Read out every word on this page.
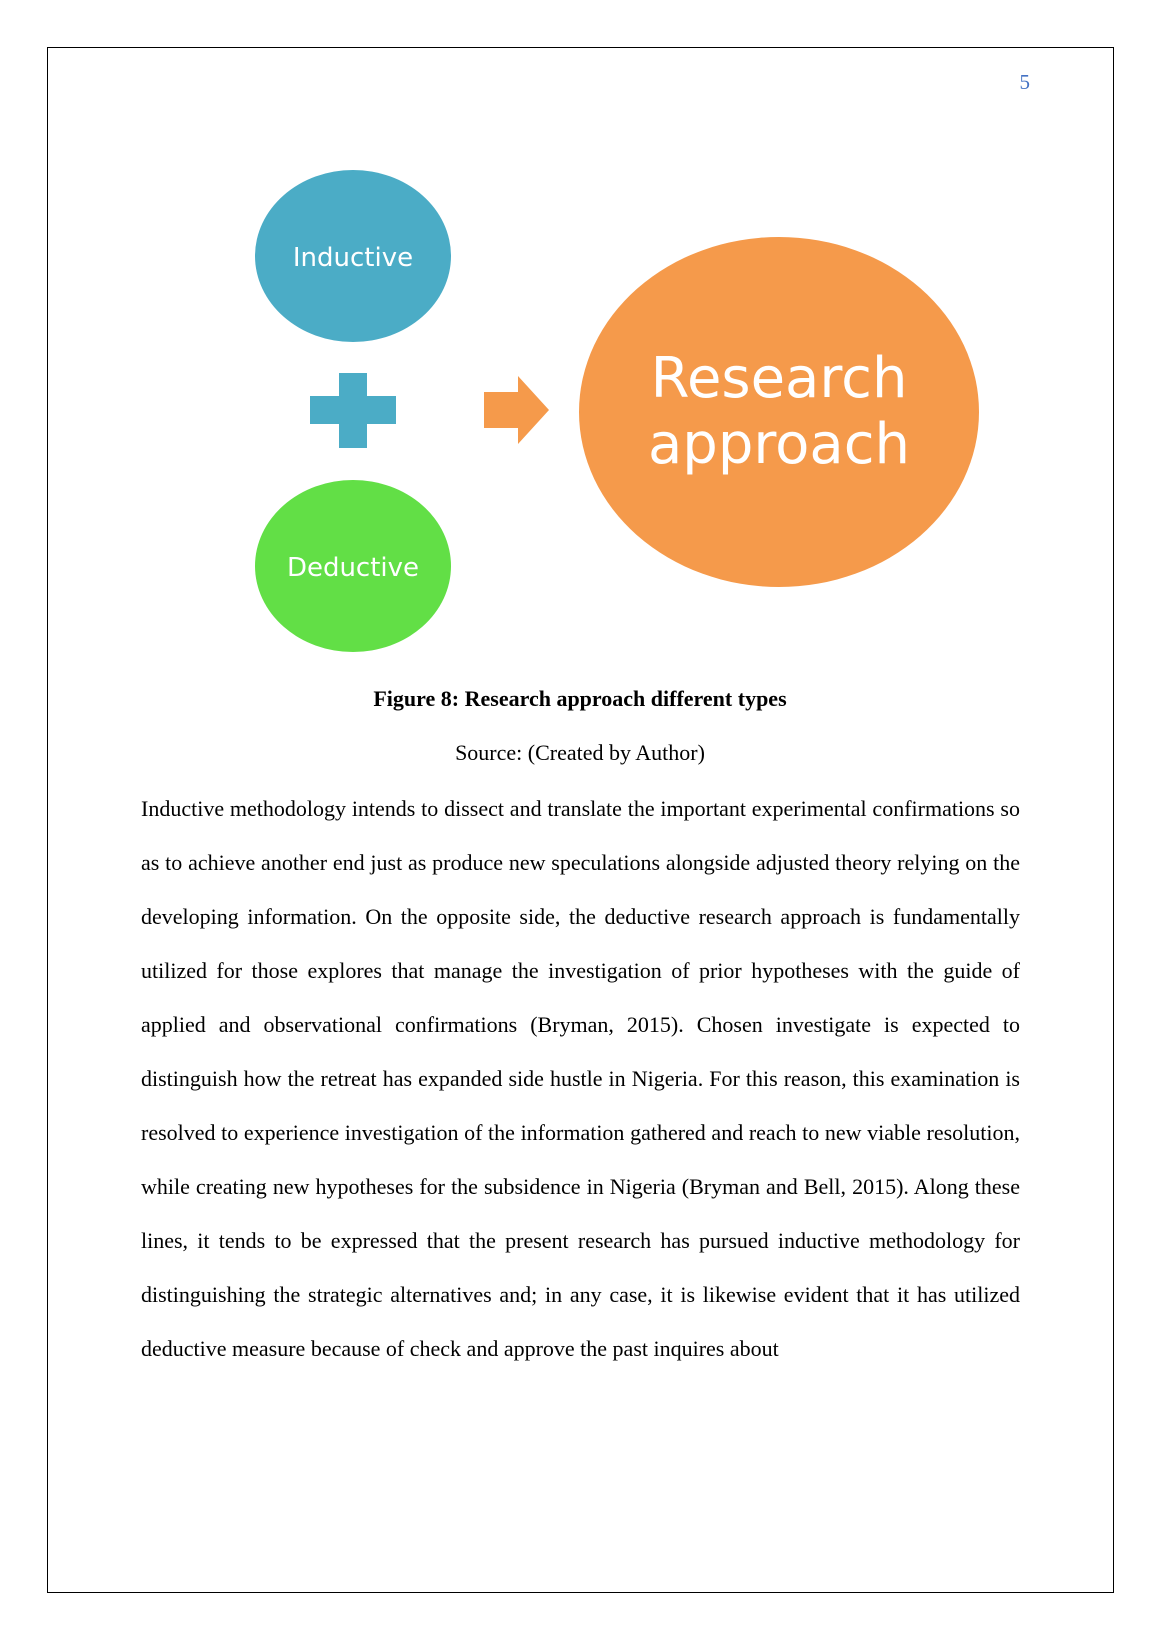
5
Inductive
Deductive
Research
approach
Figure 8: Research approach different types
Source: (Created by Author)

Inductive methodology intends to dissect and translate the important experimental confirmations so as to achieve another end just as produce new speculations alongside adjusted theory relying on the developing information. On the opposite side, the deductive research approach is fundamentally utilized for those explores that manage the investigation of prior hypotheses with the guide of applied and observational confirmations (Bryman, 2015). Chosen investigate is expected to distinguish how the retreat has expanded side hustle in Nigeria. For this reason, this examination is resolved to experience investigation of the information gathered and reach to new viable resolution, while creating new hypotheses for the subsidence in Nigeria (Bryman and Bell, 2015). Along these lines, it tends to be expressed that the present research has pursued inductive methodology for distinguishing the strategic alternatives and; in any case, it is likewise evident that it has utilized deductive measure because of check and approve the past inquires about
